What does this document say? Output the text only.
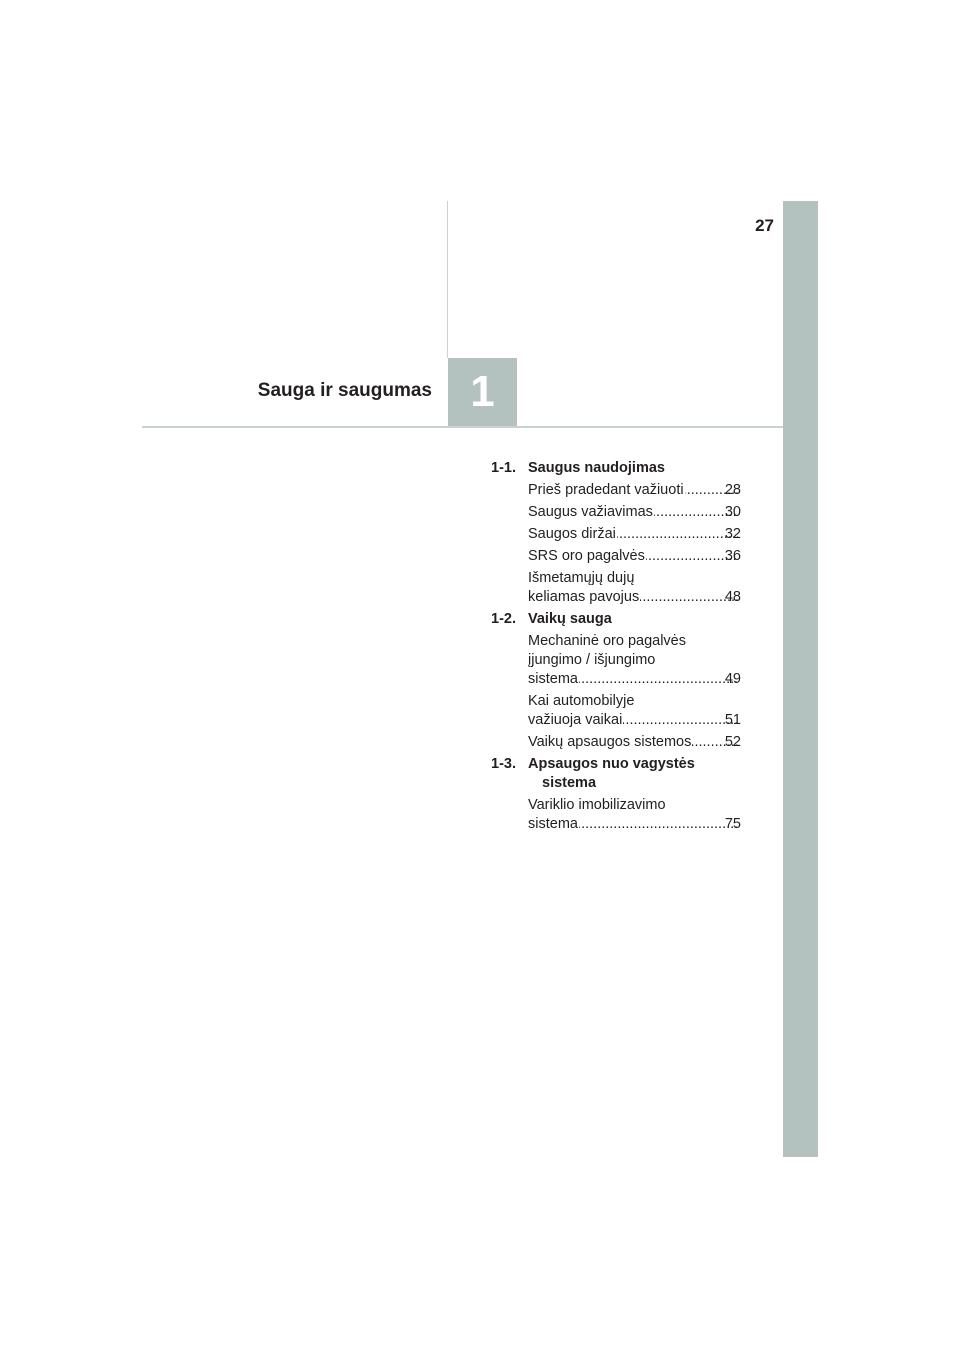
27
1
Sauga ir saugumas
1-1. Saugus naudojimas
Prieš pradedant važiuoti .....	28
Saugus važiavimas .....	30
Saugos diržai .....	32
SRS oro pagalvės .....	36
Išmetamųjų dujų
keliamas pavojus .....	48
1-2. Vaikų sauga
Mechaninė oro pagalvės
įjungimo / išjungimo
sistema .....	49
Kai automobilyje
važiuoja vaikai .....	51
Vaikų apsaugos sistemos ..... 52
1-3. Apsaugos nuo vagystės
sistema
Variklio imobilizavimo
sistema .....	75
